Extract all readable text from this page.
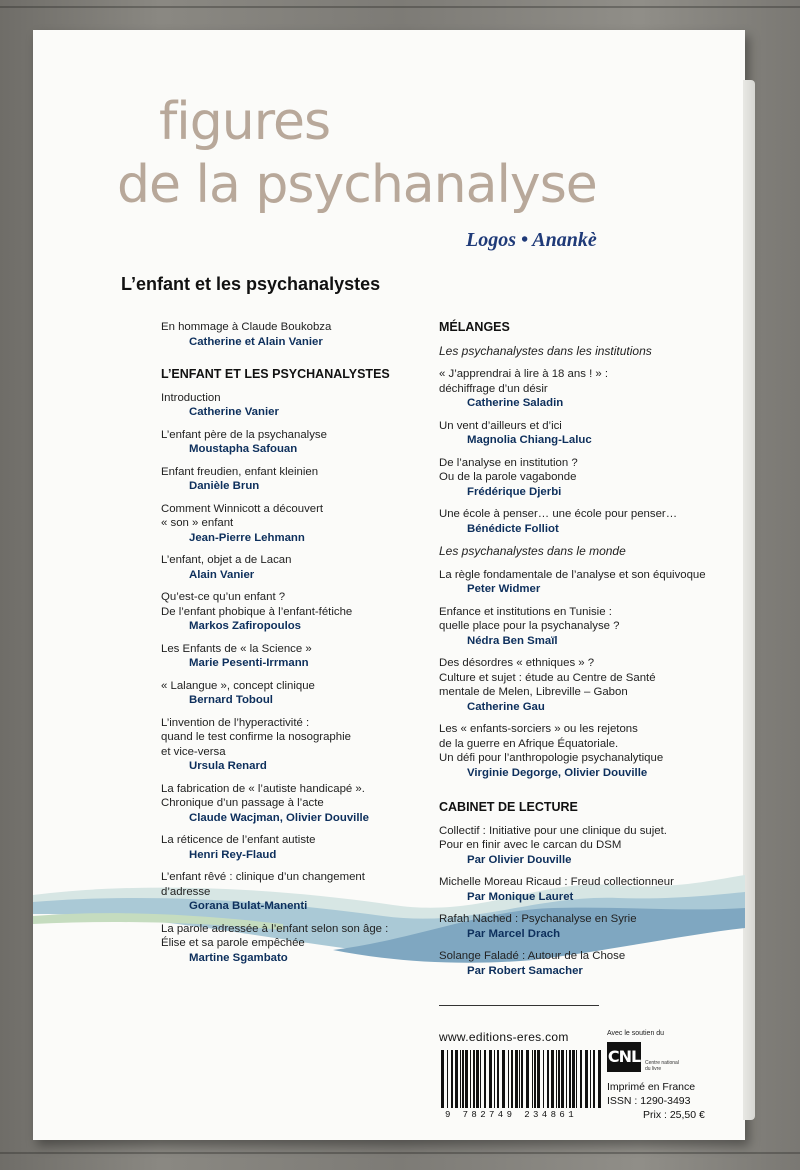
figures
de la psychanalyse
Logos • Anankè
L’enfant et les psychanalystes
En hommage à Claude Boukobza
Catherine et Alain Vanier
L’ENFANT ET LES PSYCHANALYSTES
Introduction
Catherine Vanier
L’enfant père de la psychanalyse
Moustapha Safouan
Enfant freudien, enfant kleinien
Danièle Brun
Comment Winnicott a découvert
« son » enfant
Jean-Pierre Lehmann
L’enfant, objet a de Lacan
Alain Vanier
Qu’est-ce qu’un enfant ?
De l’enfant phobique à l’enfant-fétiche
Markos Zafiropoulos
Les Enfants de « la Science »
Marie Pesenti-Irrmann
« Lalangue », concept clinique
Bernard Toboul
L’invention de l’hyperactivité :
quand le test confirme la nosographie
et vice-versa
Ursula Renard
La fabrication de « l’autiste handicapé ».
Chronique d’un passage à l’acte
Claude Wacjman, Olivier Douville
La réticence de l’enfant autiste
Henri Rey-Flaud
L’enfant rêvé : clinique d’un changement
d’adresse
Gorana Bulat-Manenti
La parole adressée à l’enfant selon son âge :
Élise et sa parole empêchée
Martine Sgambato
MÉLANGES
Les psychanalystes dans les institutions
« J’apprendrai à lire à 18 ans ! » :
déchiffrage d’un désir
Catherine Saladin
Un vent d’ailleurs et d’ici
Magnolia Chiang-Laluc
De l’analyse en institution ?
Ou de la parole vagabonde
Frédérique Djerbi
Une école à penser… une école pour penser…
Bénédicte Folliot
Les psychanalystes dans le monde
La règle fondamentale de l’analyse et son équivoque
Peter Widmer
Enfance et institutions en Tunisie :
quelle place pour la psychanalyse ?
Nédra Ben Smaïl
Des désordres « ethniques » ?
Culture et sujet : étude au Centre de Santé
mentale de Melen, Libreville – Gabon
Catherine Gau
Les « enfants-sorciers » ou les rejetons
de la guerre en Afrique Équatoriale.
Un défi pour l’anthropologie psychanalytique
Virginie Degorge, Olivier Douville
CABINET DE LECTURE
Collectif : Initiative pour une clinique du sujet.
Pour en finir avec le carcan du DSM
Par Olivier Douville
Michelle Moreau Ricaud : Freud collectionneur
Par Monique Lauret
Rafah Nached : Psychanalyse en Syrie
Par Marcel Drach
Solange Faladé : Autour de la Chose
Par Robert Samacher
www.editions-eres.com
9 782749 234861
Avec le soutien du
CNL Centre national du livre
Imprimé en France
ISSN : 1290-3493
Prix : 25,50 €
